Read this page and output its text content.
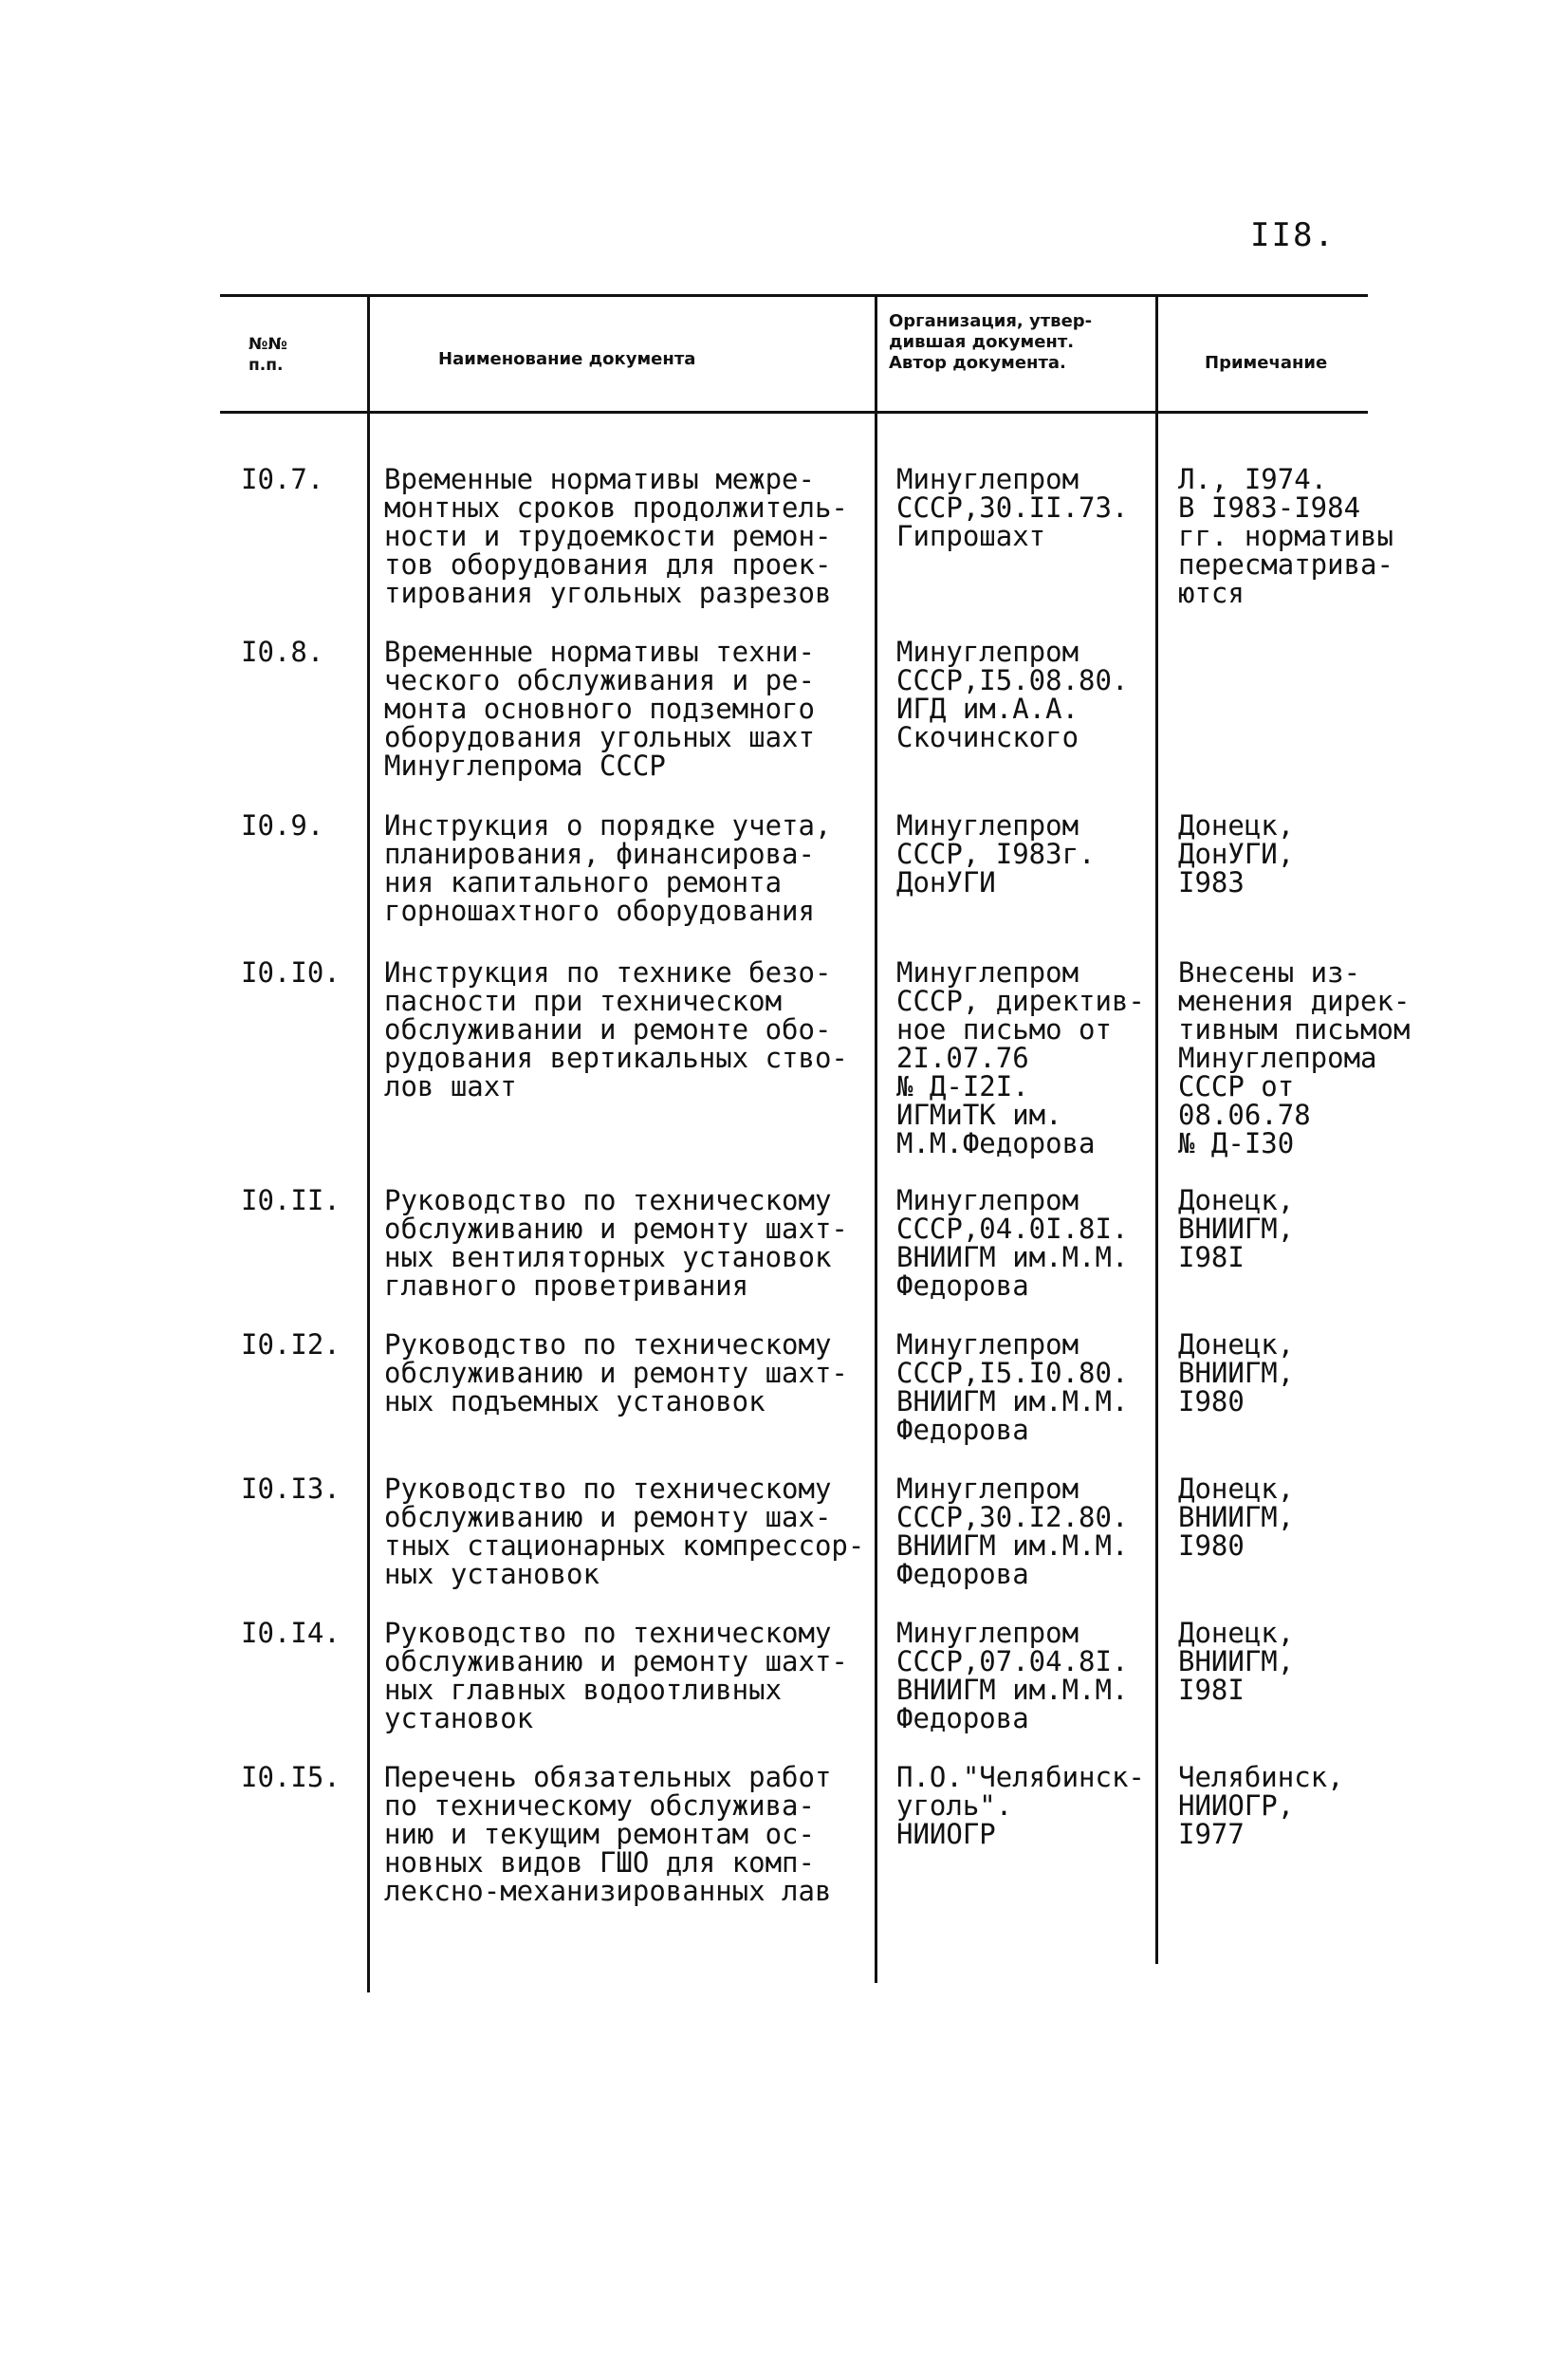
II8.
№№
п.п.	Наименование документа
Организация, утвер-
дившая документ.
Автор документа.	Примечание
I0.7. Временные нормативы межре-
монтных сроков продолжитель-
ности и трудоемкости ремон-
тов оборудования для проек-
тирования угольных разрезов
Минуглепром
СССР,30.II.73.
Гипрошахт
Л., I974.
В I983-I984
гг. нормативы
пересматрива-
ются
I0.8. Временные нормативы техни-
ческого обслуживания и ре-
монта основного подземного
оборудования угольных шахт
Минуглепрома СССР
Минуглепром
СССР,I5.08.80.
ИГД им.А.А.
Скочинского
I0.9. Инструкция о порядке учета,
планирования, финансирова-
ния капитального ремонта
горношахтного оборудования
Минуглепром
СССР, I983г.
ДонУГИ
Донецк,
ДонУГИ,
I983
I0.I0. Инструкция по технике безо-
пасности при техническом
обслуживании и ремонте обо-
рудования вертикальных ство-
лов шахт
Минуглепром
СССР, директив-
ное письмо от
2I.07.76
№ Д-I2I.
ИГМиТК им.
М.М.Федорова
Внесены из-
менения дирек-
тивным письмом
Минуглепрома
СССР от
08.06.78
№ Д-I30
I0.II. Руководство по техническому
обслуживанию и ремонту шахт-
ных вентиляторных установок
главного проветривания
Минуглепром
СССР,04.0I.8I.
ВНИИГМ им.М.М.
Федорова
Донецк,
ВНИИГМ,
I98I
I0.I2. Руководство по техническому
обслуживанию и ремонту шахт-
ных подъемных установок
Минуглепром
СССР,I5.I0.80.
ВНИИГМ им.М.М.
Федорова
Донецк,
ВНИИГМ,
I980
I0.I3. Руководство по техническому
обслуживанию и ремонту шах-
тных стационарных компрессор-
ных установок
Минуглепром
СССР,30.I2.80.
ВНИИГМ им.М.М.
Федорова
Донецк,
ВНИИГМ,
I980
I0.I4. Руководство по техническому
обслуживанию и ремонту шахт-
ных главных водоотливных
установок
Минуглепром
СССР,07.04.8I.
ВНИИГМ им.М.М.
Федорова
Донецк,
ВНИИГМ,
I98I
I0.I5. Перечень обязательных работ
по техническому обслужива-
нию и текущим ремонтам ос-
новных видов ГШО для комп-
лексно-механизированных лав
П.О."Челябинск-
уголь".
НИИОГР
Челябинск,
НИИОГР,
I977
